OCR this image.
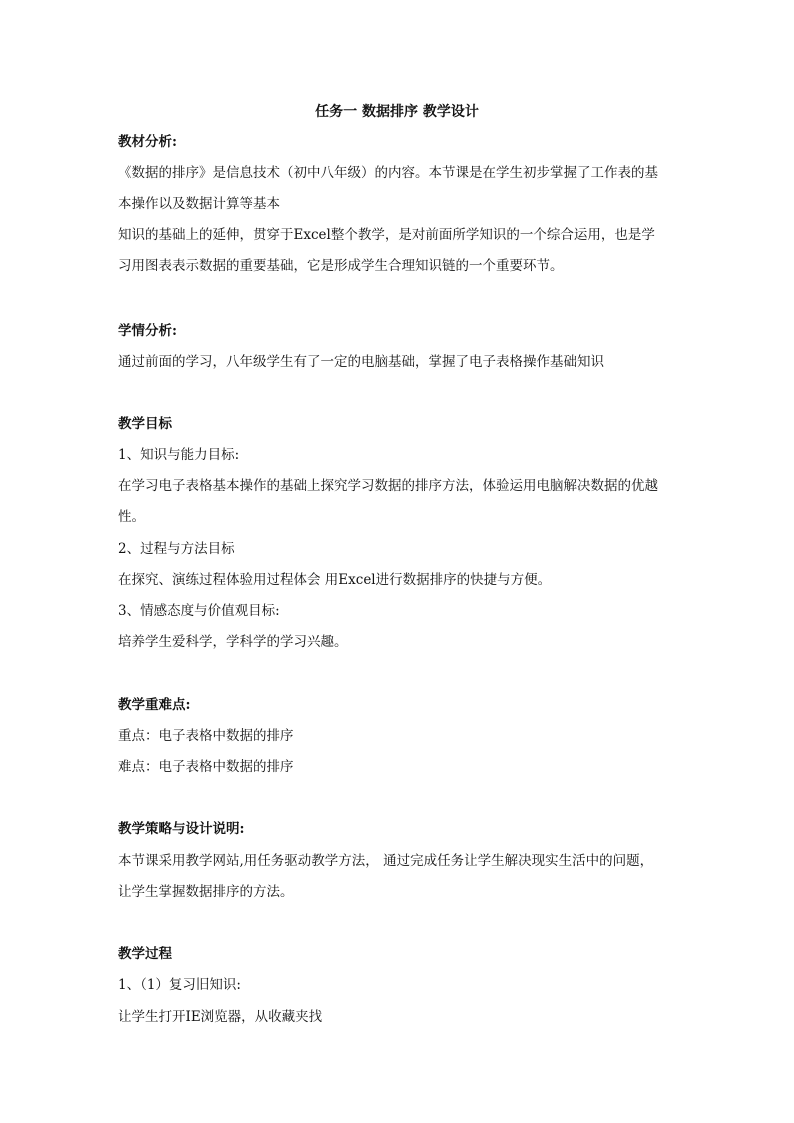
任务一 数据排序 教学设计
教材分析:
《数据的排序》是信息技术（初中八年级）的内容。本节课是在学生初步掌握了工作表的基
本操作以及数据计算等基本
知识的基础上的延伸，贯穿于Excel整个教学，是对前面所学知识的一个综合运用，也是学
习用图表表示数据的重要基础，它是形成学生合理知识链的一个重要环节。
学情分析:
通过前面的学习，八年级学生有了一定的电脑基础，掌握了电子表格操作基础知识
教学目标
1、知识与能力目标:
在学习电子表格基本操作的基础上探究学习数据的排序方法，体验运用电脑解决数据的优越
性。
2、过程与方法目标
在探究、演练过程体验用过程体会 用Excel进行数据排序的快捷与方便。
3、情感态度与价值观目标:
培养学生爱科学，学科学的学习兴趣。
教学重难点:
重点：电子表格中数据的排序
难点：电子表格中数据的排序
教学策略与设计说明:
本节课采用教学网站,用任务驱动教学方法， 通过完成任务让学生解决现实生活中的问题，
让学生掌握数据排序的方法。
教学过程
1、（1）复习旧知识:
让学生打开IE浏览器，从收藏夹找
